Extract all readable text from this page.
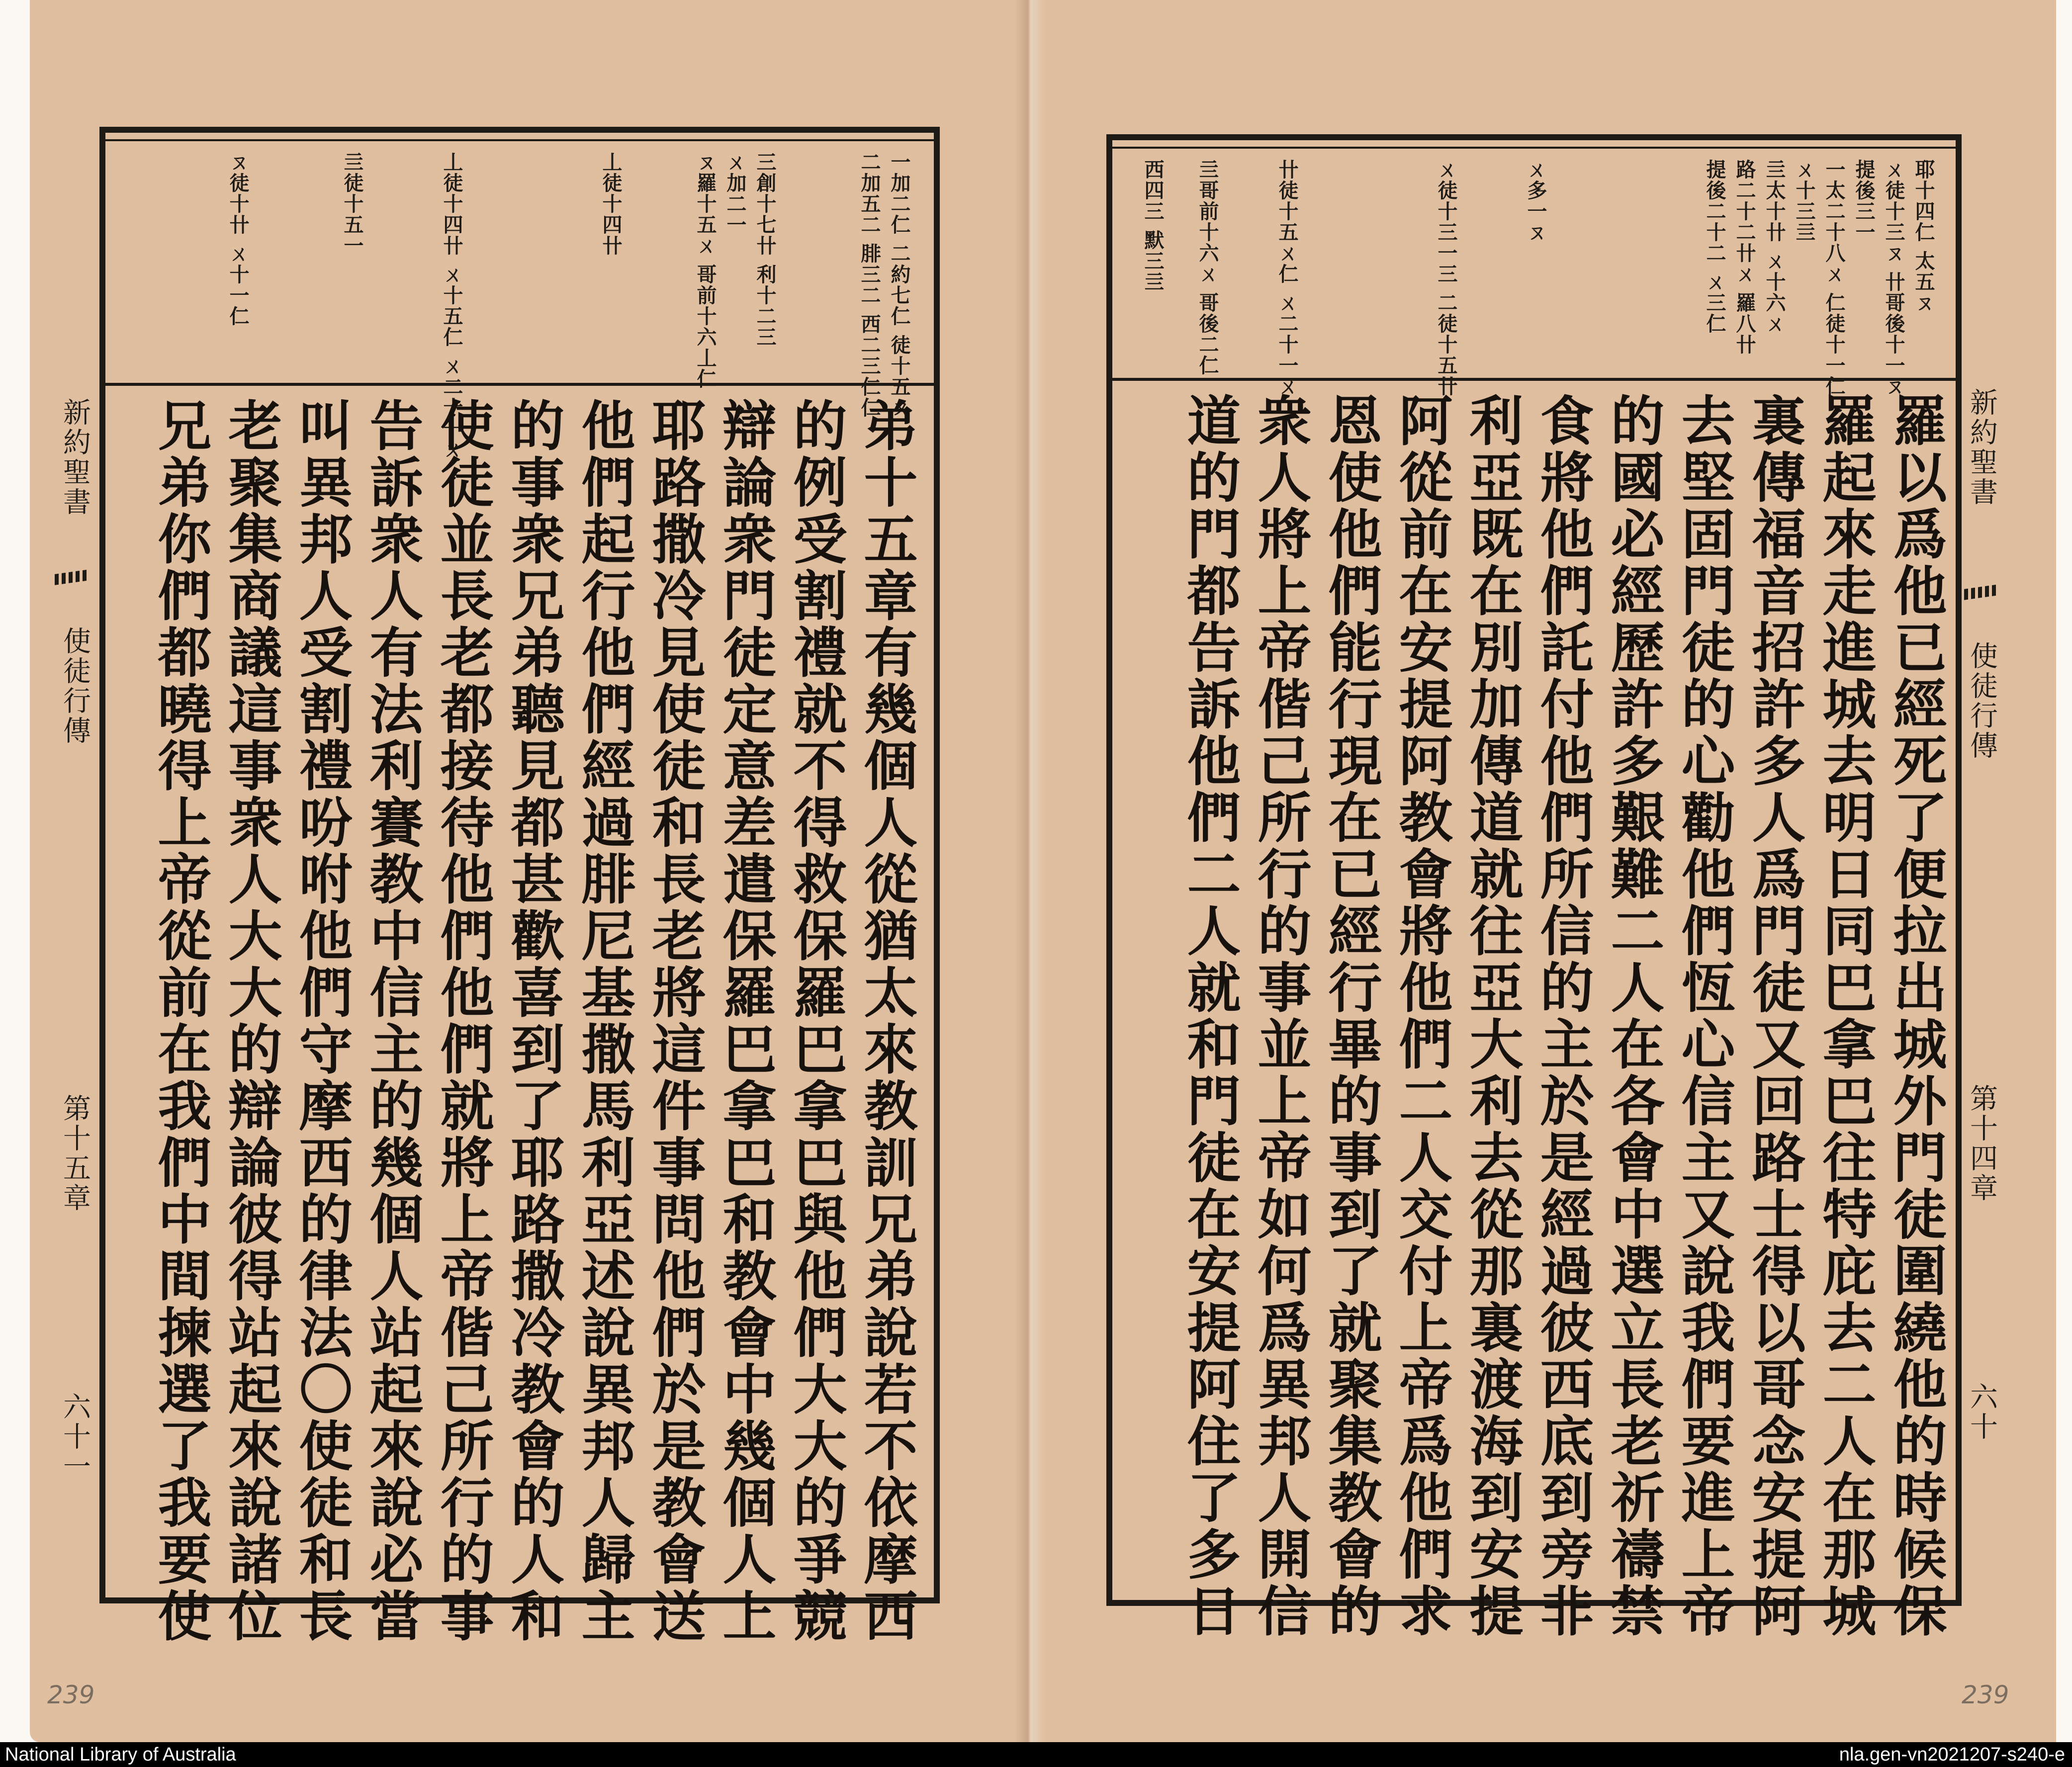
新約聖書
使徒行傳
第十五章
六十一
一加二仁 二約七仁 徒十五ㄡ
二加五二 腓三二 西二三仁仁
三創十七卄 利十二三
ㄨ加二一
ㄡ羅十五ㄨ 哥前十六丄仁
丄徒十四卄
丄徒十四卄 ㄨ十五仁 ㄨ二十一ㄨ
亖徒十五一
ㄡ徒十卄 ㄨ十一仁
弟十五章有幾個人從猶太來教訓兄弟說若不依摩西
的例受割禮就不得救保羅巴拿巴與他們大大的爭競
辯論衆門徒定意差遣保羅巴拿巴和教會中幾個人上
耶路撒冷見使徒和長老將這件事問他們於是教會送
他們起行他們經過腓尼基撒馬利亞述說異邦人歸主
的事衆兄弟聽見都甚歡喜到了耶路撒冷教會的人和
使徒並長老都接待他們他們就將上帝偕己所行的事
告訴衆人有法利賽教中信主的幾個人站起來說必當
叫異邦人受割禮吩咐他們守摩西的律法〇使徒和長
老聚集商議這事衆人大大的辯論彼得站起來說諸位
兄弟你們都曉得上帝從前在我們中間揀選了我要使
239
新約聖書
使徒行傳
第十四章
六十
耶十四仁 太五ㄡ
ㄨ徒十三ㄡ 卄哥後十一ㄡ
提後三一
一太二十八ㄨ 仁徒十一仁
ㄨ十三亖
亖太十卄 ㄨ十六ㄨ
路二十二卄ㄨ 羅八卄
提後二十二 ㄨ三仁
ㄨ多一ㄡ
ㄨ徒十三一三 二徒十五卄
卄徒十五ㄨ仁 ㄨ二十一ㄨ
亖哥前十六ㄨ 哥後二仁
西四三 默三亖
羅以爲他已經死了便拉出城外門徒圍繞他的時候保
羅起來走進城去明日同巴拿巴往特庇去二人在那城
裏傳福音招許多人爲門徒又回路士得以哥念安提阿
去堅固門徒的心勸他們恆心信主又說我們要進上帝
的國必經歷許多艱難二人在各會中選立長老祈禱禁
食將他們託付他們所信的主於是經過彼西底到旁非
利亞既在別加傳道就往亞大利去從那裏渡海到安提
阿從前在安提阿教會將他們二人交付上帝爲他們求
恩使他們能行現在已經行畢的事到了就聚集教會的
衆人將上帝偕己所行的事並上帝如何爲異邦人開信
道的門都告訴他們二人就和門徒在安提阿住了多日
239
National Library of Australia	nla.gen-vn2021207-s240-e
